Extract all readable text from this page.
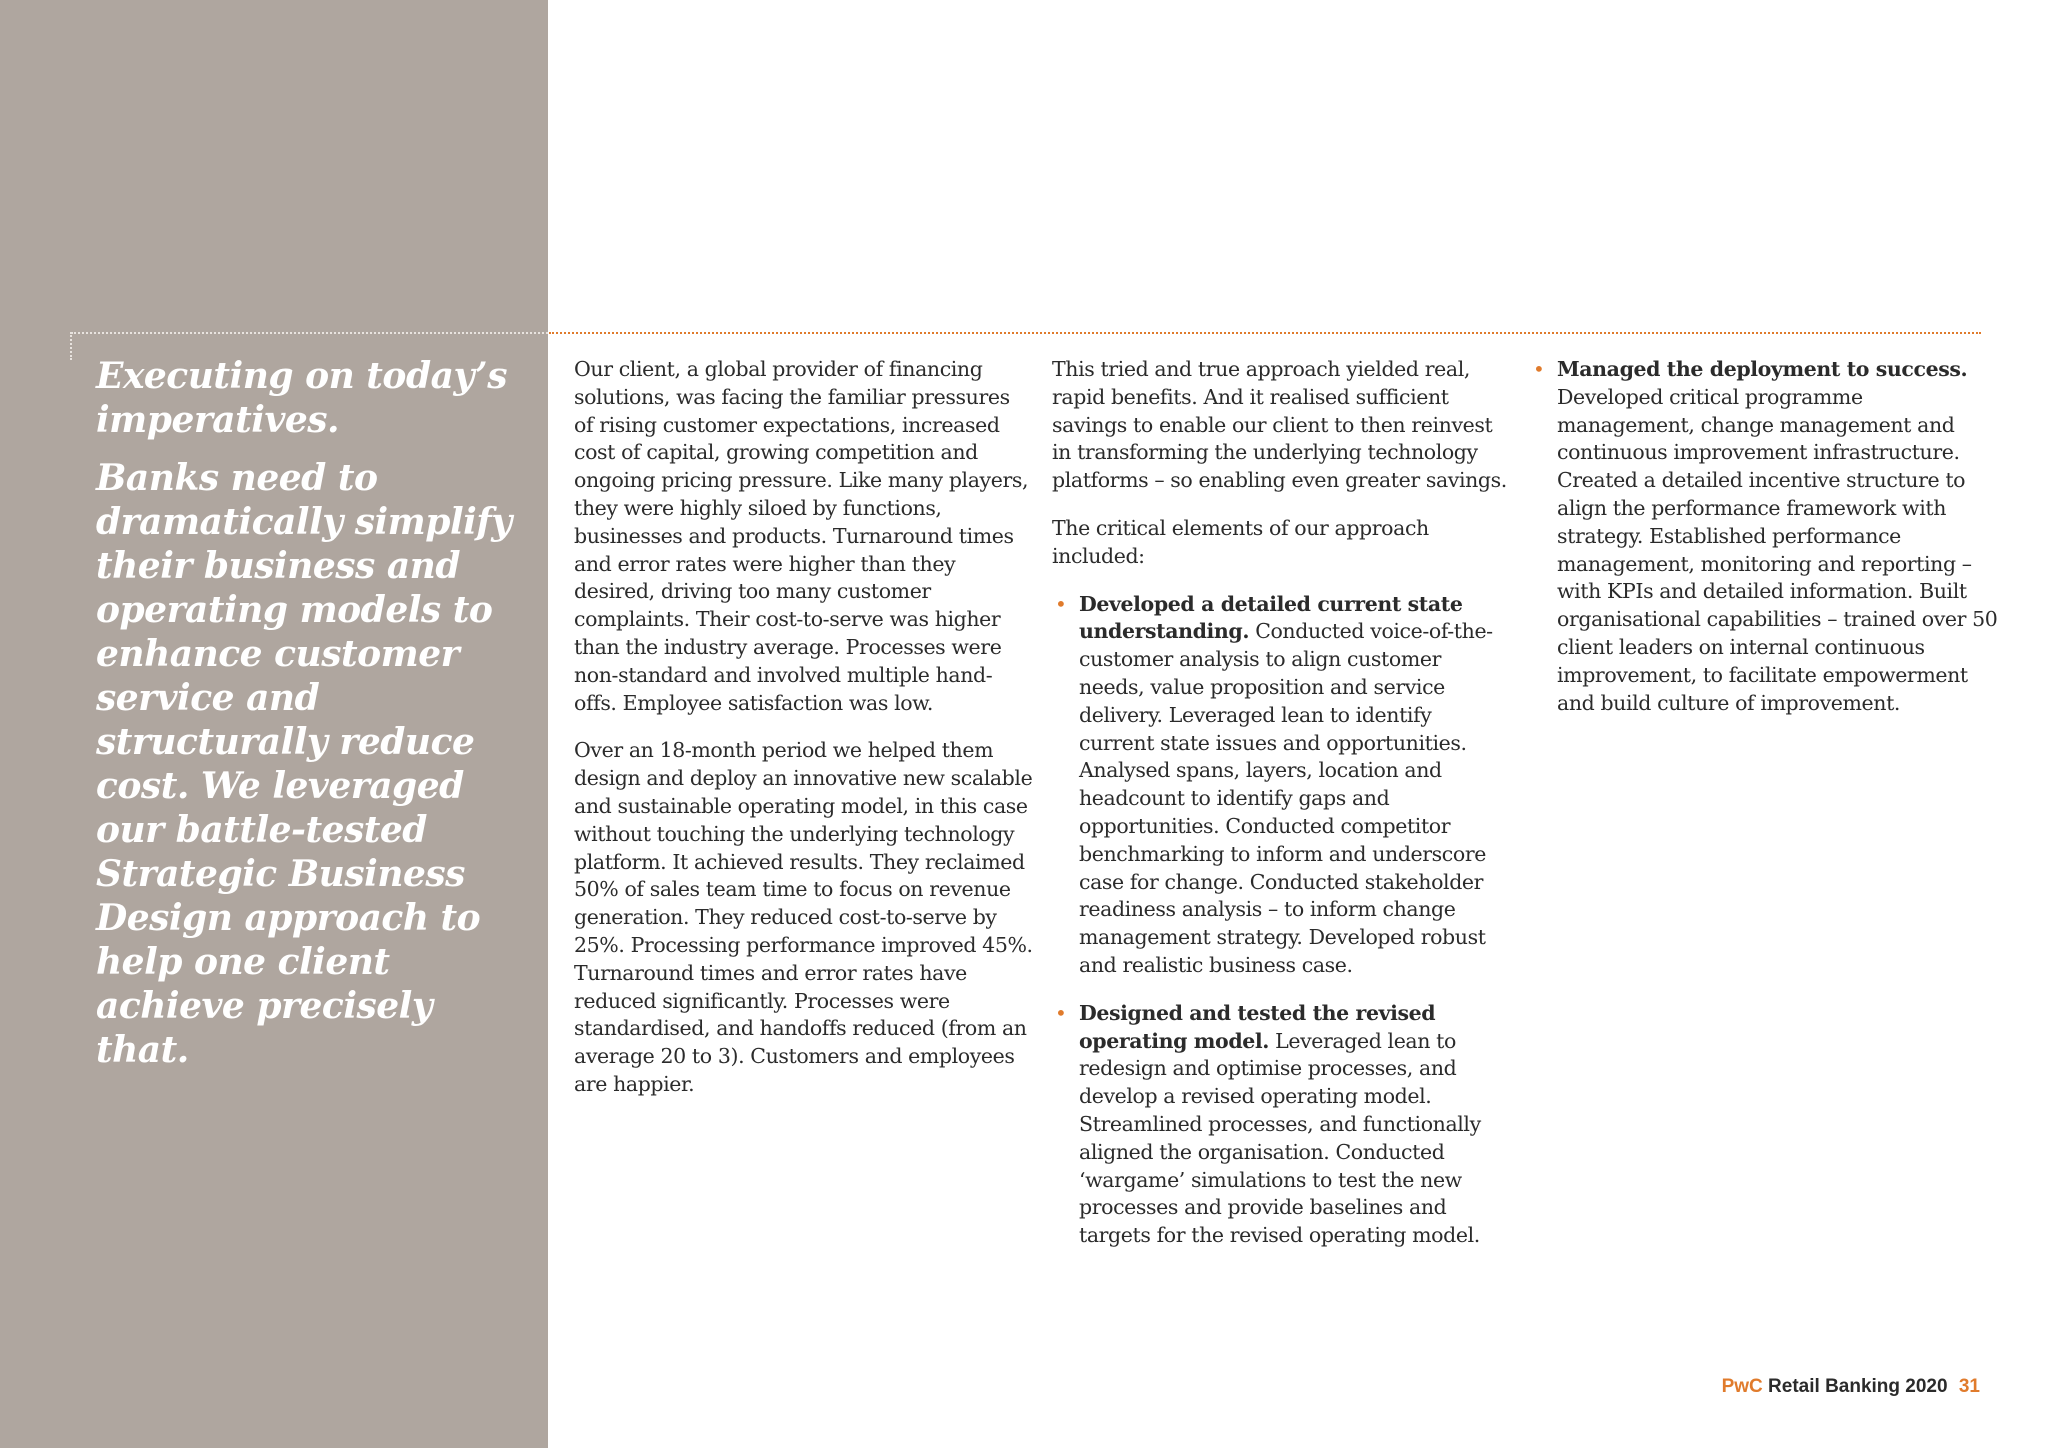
Executing on today’s imperatives.

Banks need to dramatically simplify their business and operating models to enhance customer service and structurally reduce cost. We leveraged our battle-tested Strategic Business Design approach to help one client achieve precisely that.

Our client, a global provider of financing solutions, was facing the familiar pressures of rising customer expectations, increased cost of capital, growing competition and ongoing pricing pressure. Like many players, they were highly siloed by functions, businesses and products. Turnaround times and error rates were higher than they desired, driving too many customer complaints. Their cost-to-serve was higher than the industry average. Processes were non-standard and involved multiple hand-offs. Employee satisfaction was low.

Over an 18-month period we helped them design and deploy an innovative new scalable and sustainable operating model, in this case without touching the underlying technology platform. It achieved results. They reclaimed 50% of sales team time to focus on revenue generation. They reduced cost-to-serve by 25%. Processing performance improved 45%. Turnaround times and error rates have reduced significantly. Processes were standardised, and handoffs reduced (from an average 20 to 3). Customers and employees are happier.

This tried and true approach yielded real, rapid benefits. And it realised sufficient savings to enable our client to then reinvest in transforming the underlying technology platforms – so enabling even greater savings.

The critical elements of our approach included:

• Developed a detailed current state understanding. Conducted voice-of-the-customer analysis to align customer needs, value proposition and service delivery. Leveraged lean to identify current state issues and opportunities. Analysed spans, layers, location and headcount to identify gaps and opportunities. Conducted competitor benchmarking to inform and underscore case for change. Conducted stakeholder readiness analysis – to inform change management strategy. Developed robust and realistic business case.
• Designed and tested the revised operating model. Leveraged lean to redesign and optimise processes, and develop a revised operating model. Streamlined processes, and functionally aligned the organisation. Conducted ‘wargame’ simulations to test the new processes and provide baselines and targets for the revised operating model.
• Managed the deployment to success. Developed critical programme management, change management and continuous improvement infrastructure. Created a detailed incentive structure to align the performance framework with strategy. Established performance management, monitoring and reporting – with KPIs and detailed information. Built organisational capabilities – trained over 50 client leaders on internal continuous improvement, to facilitate empowerment and build culture of improvement.
PwC Retail Banking 2020 31
